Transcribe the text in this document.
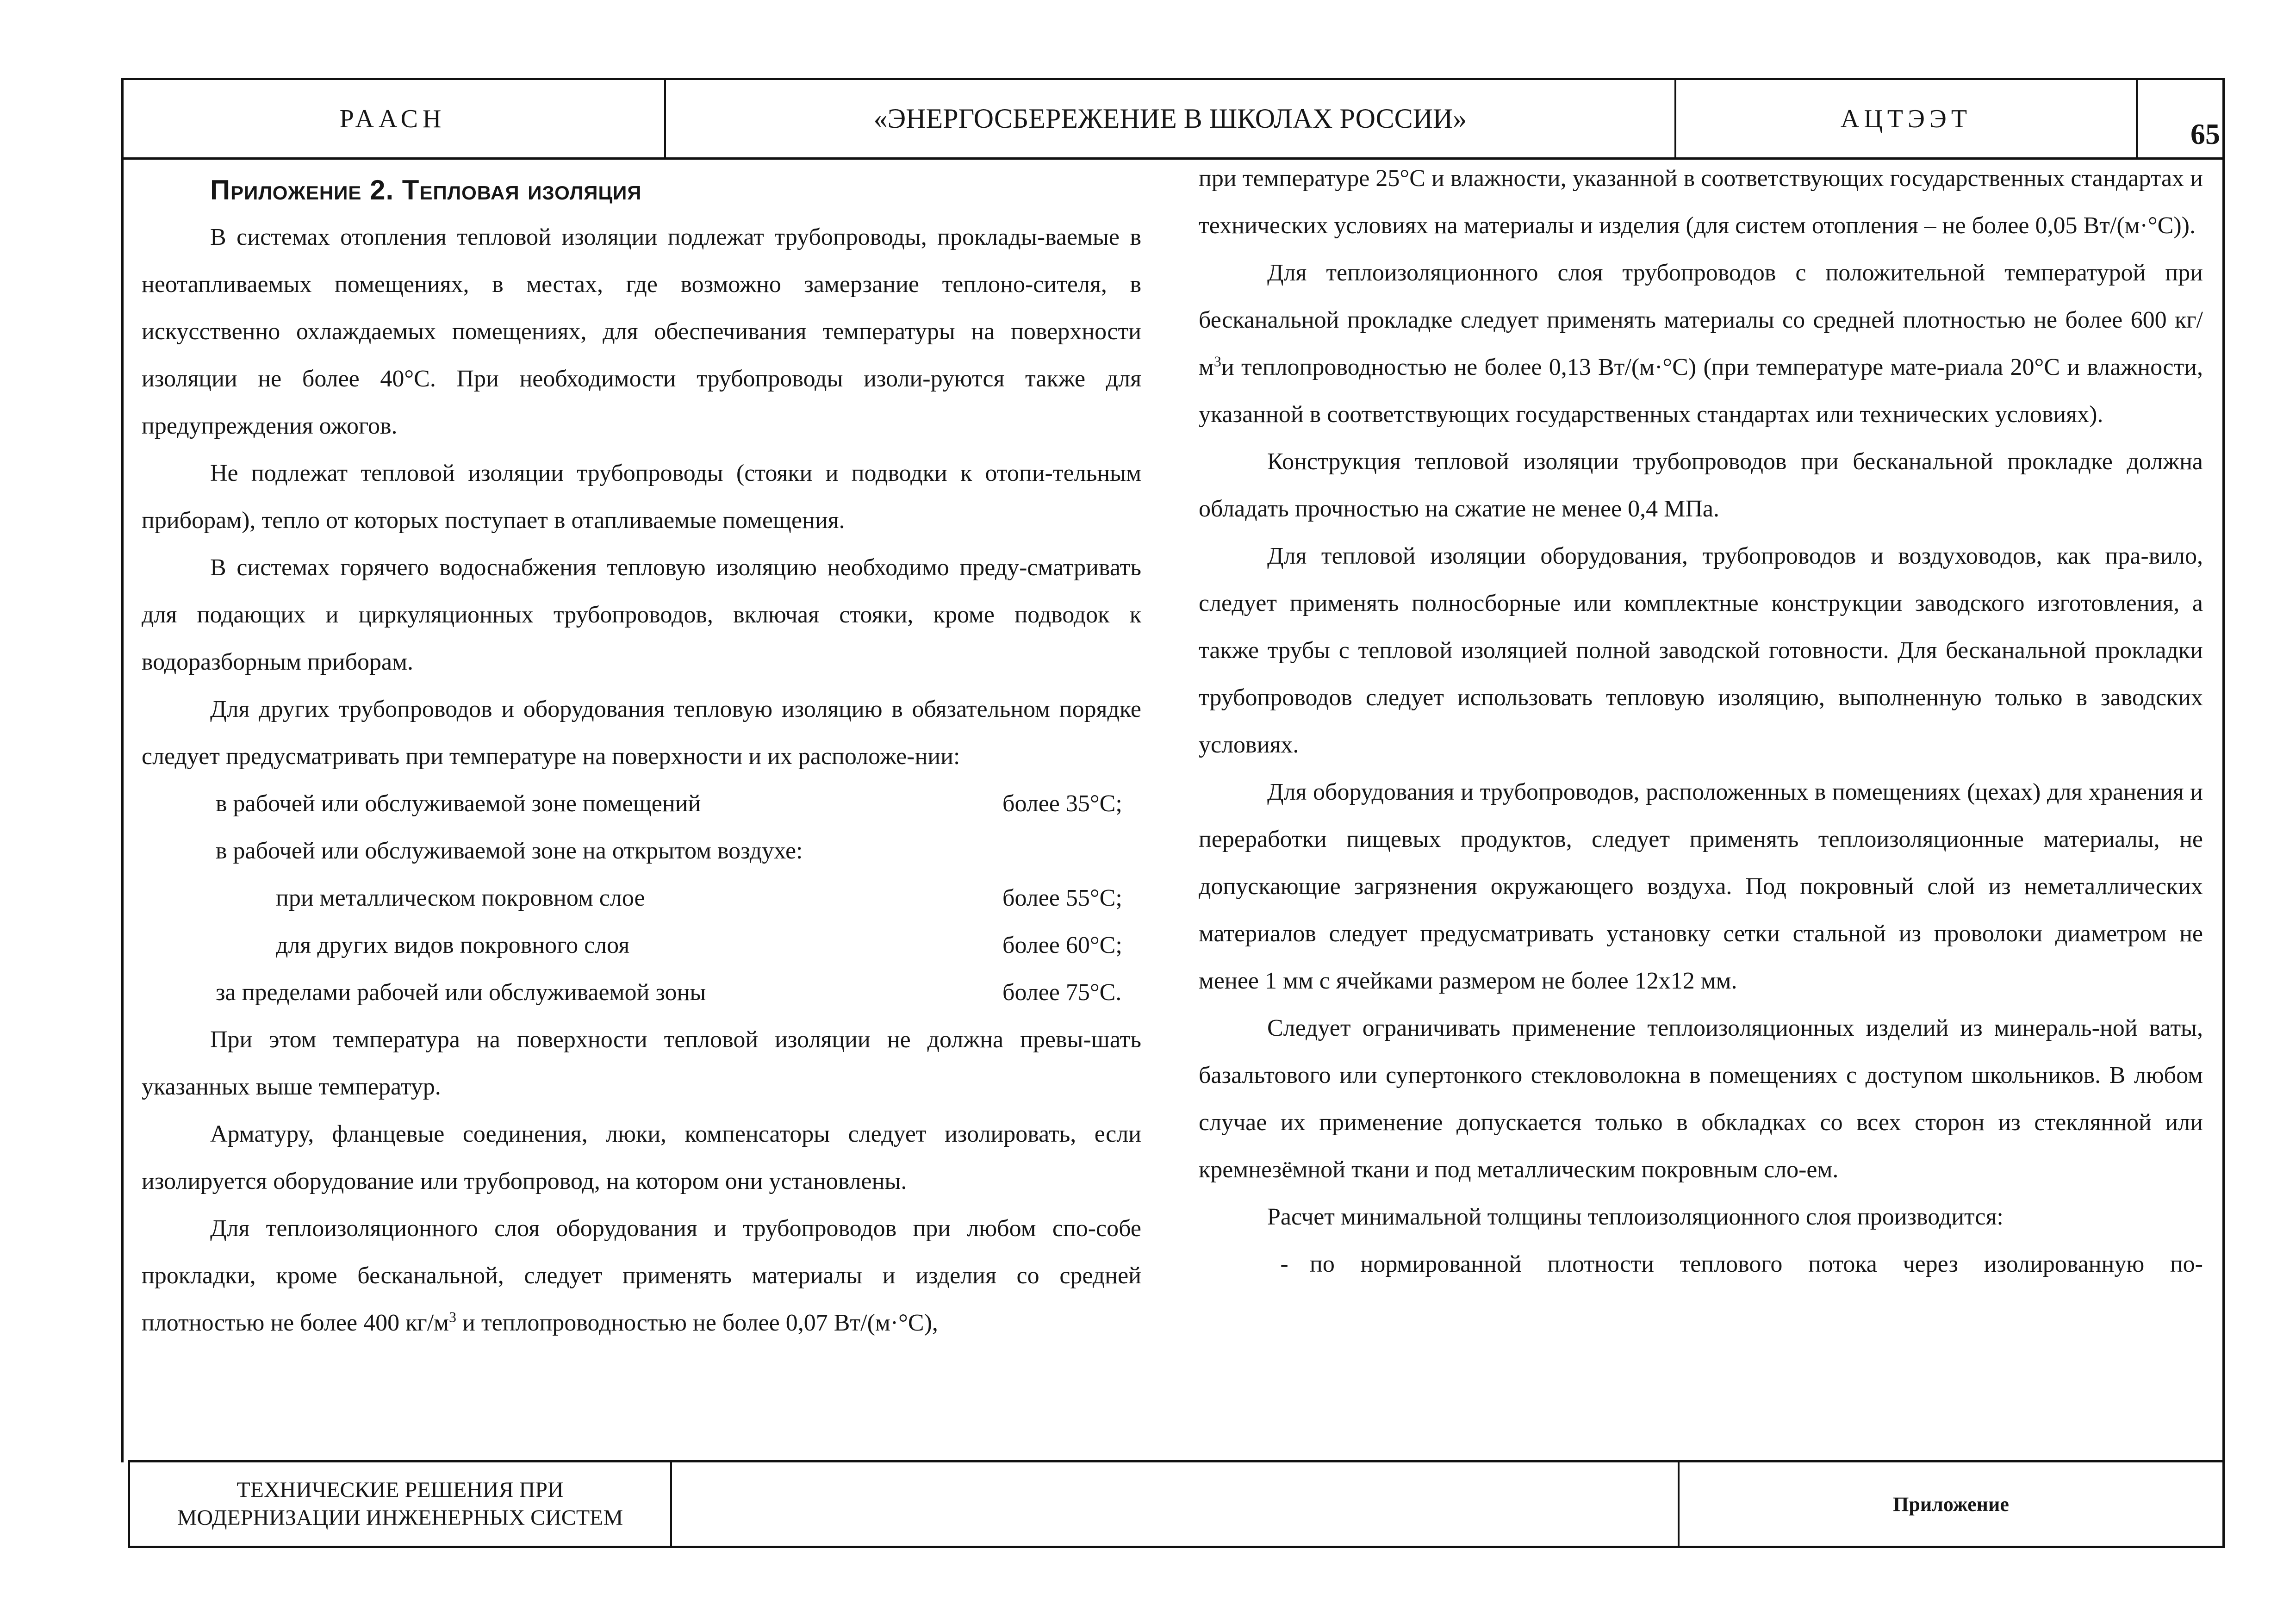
РААСН	«ЭНЕРГОСБЕРЕЖЕНИЕ В ШКОЛАХ РОССИИ»	АЦТЭЭТ	65

Приложение 2. Тепловая изоляция

В системах отопления тепловой изоляции подлежат трубопроводы, проклады-ваемые в неотапливаемых помещениях, в местах, где возможно замерзание теплоно-сителя, в искусственно охлаждаемых помещениях, для обеспечивания температуры на поверхности изоляции не более 40°С. При необходимости трубопроводы изоли-руются также для предупреждения ожогов.

Не подлежат тепловой изоляции трубопроводы (стояки и подводки к отопи-тельным приборам), тепло от которых поступает в отапливаемые помещения.

В системах горячего водоснабжения тепловую изоляцию необходимо преду-сматривать для подающих и циркуляционных трубопроводов, включая стояки, кроме подводок к водоразборным приборам.

Для других трубопроводов и оборудования тепловую изоляцию в обязательном порядке следует предусматривать при температуре на поверхности и их расположе-нии:

в рабочей или обслуживаемой зоне помещений	более 35°С;
в рабочей или обслуживаемой зоне на открытом воздухе:
при металлическом покровном слое	более 55°С;
для других видов покровного слоя	более 60°С;
за пределами рабочей или обслуживаемой зоны	более 75°С.

При этом температура на поверхности тепловой изоляции не должна превы-шать указанных выше температур.

Арматуру, фланцевые соединения, люки, компенсаторы следует изолировать, если изолируется оборудование или трубопровод, на котором они установлены.

Для теплоизоляционного слоя оборудования и трубопроводов при любом спо-собе прокладки, кроме бесканальной, следует применять материалы и изделия со средней плотностью не более 400 $кг/м^3$ и теплопроводностью не более 0,07 Вт/(м·°С),

при температуре 25°С и влажности, указанной в соответствующих государственных стандартах и технических условиях на материалы и изделия (для систем отопления – не более 0,05 Вт/(м·°С)).

Для теплоизоляционного слоя трубопроводов с положительной температурой при бесканальной прокладке следует применять материалы со средней плотностью не более 600 кг/ $м^3и$ теплопроводностью не более 0,13 Вт/(м·°С) (при температуре мате-риала 20°С и влажности, указанной в соответствующих государственных стандартах или технических условиях).

Конструкция тепловой изоляции трубопроводов при бесканальной прокладке должна обладать прочностью на сжатие не менее 0,4 МПа.

Для тепловой изоляции оборудования, трубопроводов и воздуховодов, как пра-вило, следует применять полносборные или комплектные конструкции заводского изготовления, а также трубы с тепловой изоляцией полной заводской готовности. Для бесканальной прокладки трубопроводов следует использовать тепловую изоляцию, выполненную только в заводских условиях.

Для оборудования и трубопроводов, расположенных в помещениях (цехах) для хранения и переработки пищевых продуктов, следует применять теплоизоляционные материалы, не допускающие загрязнения окружающего воздуха. Под покровный слой из неметаллических материалов следует предусматривать установку сетки стальной из проволоки диаметром не менее 1 мм с ячейками размером не более 12х12 мм.

Следует ограничивать применение теплоизоляционных изделий из минераль-ной ваты, базальтового или супертонкого стекловолокна в помещениях с доступом школьников. В любом случае их применение допускается только в обкладках со всех сторон из стеклянной или кремнезёмной ткани и под металлическим покровным сло-ем.

Расчет минимальной толщины теплоизоляционного слоя производится:

- по нормированной плотности теплового потока через изолированную по-
ТЕХНИЧЕСКИЕ РЕШЕНИЯ ПРИ МОДЕРНИЗАЦИИ ИНЖЕНЕРНЫХ СИСТЕМ
Приложение
